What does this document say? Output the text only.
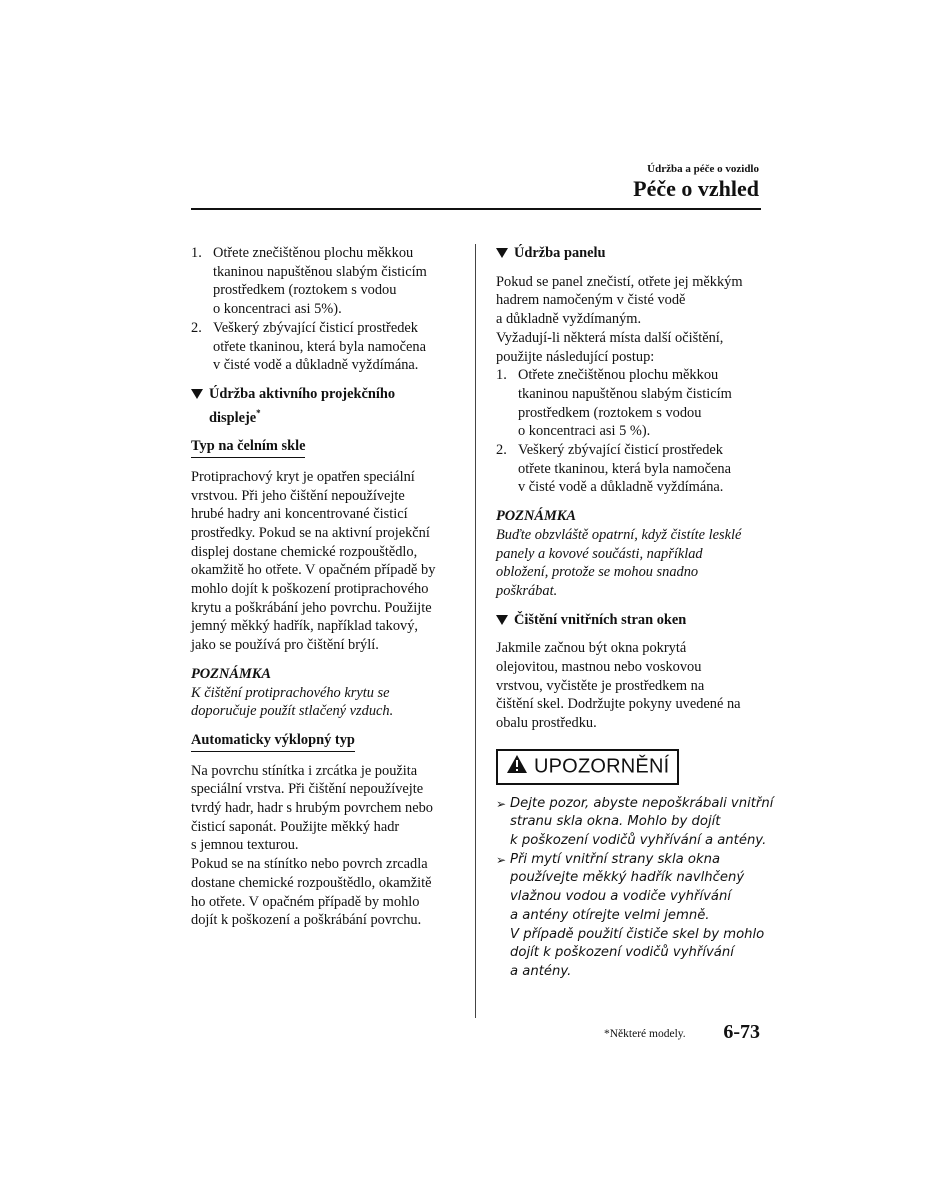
Údržba a péče o vozidlo
Péče o vzhled
1. Otřete znečištěnou plochu měkkou
tkaninou napuštěnou slabým čisticím
prostředkem (roztokem s vodou
o koncentraci asi 5%).
2. Veškerý zbývající čisticí prostředek
otřete tkaninou, která byla namočena
v čisté vodě a důkladně vyždímána.
Údržba aktivního projekčního
displeje*
Typ na čelním skle
Protiprachový kryt je opatřen speciální
vrstvou. Při jeho čištění nepoužívejte
hrubé hadry ani koncentrované čisticí
prostředky. Pokud se na aktivní projekční
displej dostane chemické rozpouštědlo,
okamžitě ho otřete. V opačném případě by
mohlo dojít k poškození protiprachového
krytu a poškrábání jeho povrchu. Použijte
jemný měkký hadřík, například takový,
jako se používá pro čištění brýlí.
POZNÁMKA
K čištění protiprachového krytu se
doporučuje použít stlačený vzduch.
Automaticky výklopný typ
Na povrchu stínítka i zrcátka je použita
speciální vrstva. Při čištění nepoužívejte
tvrdý hadr, hadr s hrubým povrchem nebo
čisticí saponát. Použijte měkký hadr
s jemnou texturou.
Pokud se na stínítko nebo povrch zrcadla
dostane chemické rozpouštědlo, okamžitě
ho otřete. V opačném případě by mohlo
dojít k poškození a poškrábání povrchu.
Údržba panelu
Pokud se panel znečistí, otřete jej měkkým
hadrem namočeným v čisté vodě
a důkladně vyždímaným.
Vyžadují-li některá místa další očištění,
použijte následující postup:
1. Otřete znečištěnou plochu měkkou
tkaninou napuštěnou slabým čisticím
prostředkem (roztokem s vodou
o koncentraci asi 5 %).
2. Veškerý zbývající čisticí prostředek
otřete tkaninou, která byla namočena
v čisté vodě a důkladně vyždímána.
POZNÁMKA
Buďte obzvláště opatrní, když čistíte lesklé
panely a kovové součásti, například
obložení, protože se mohou snadno
poškrábat.
Čištění vnitřních stran oken
Jakmile začnou být okna pokrytá
olejovitou, mastnou nebo voskovou
vrstvou, vyčistěte je prostředkem na
čištění skel. Dodržujte pokyny uvedené na
obalu prostředku.
UPOZORNĚNÍ
➢ Dejte pozor, abyste nepoškrábali vnitřní
stranu skla okna. Mohlo by dojít
k poškození vodičů vyhřívání a antény.
➢ Při mytí vnitřní strany skla okna
používejte měkký hadřík navlhčený
vlažnou vodou a vodiče vyhřívání
a antény otírejte velmi jemně.
V případě použití čističe skel by mohlo
dojít k poškození vodičů vyhřívání
a antény.
*Některé modely. 6-73
